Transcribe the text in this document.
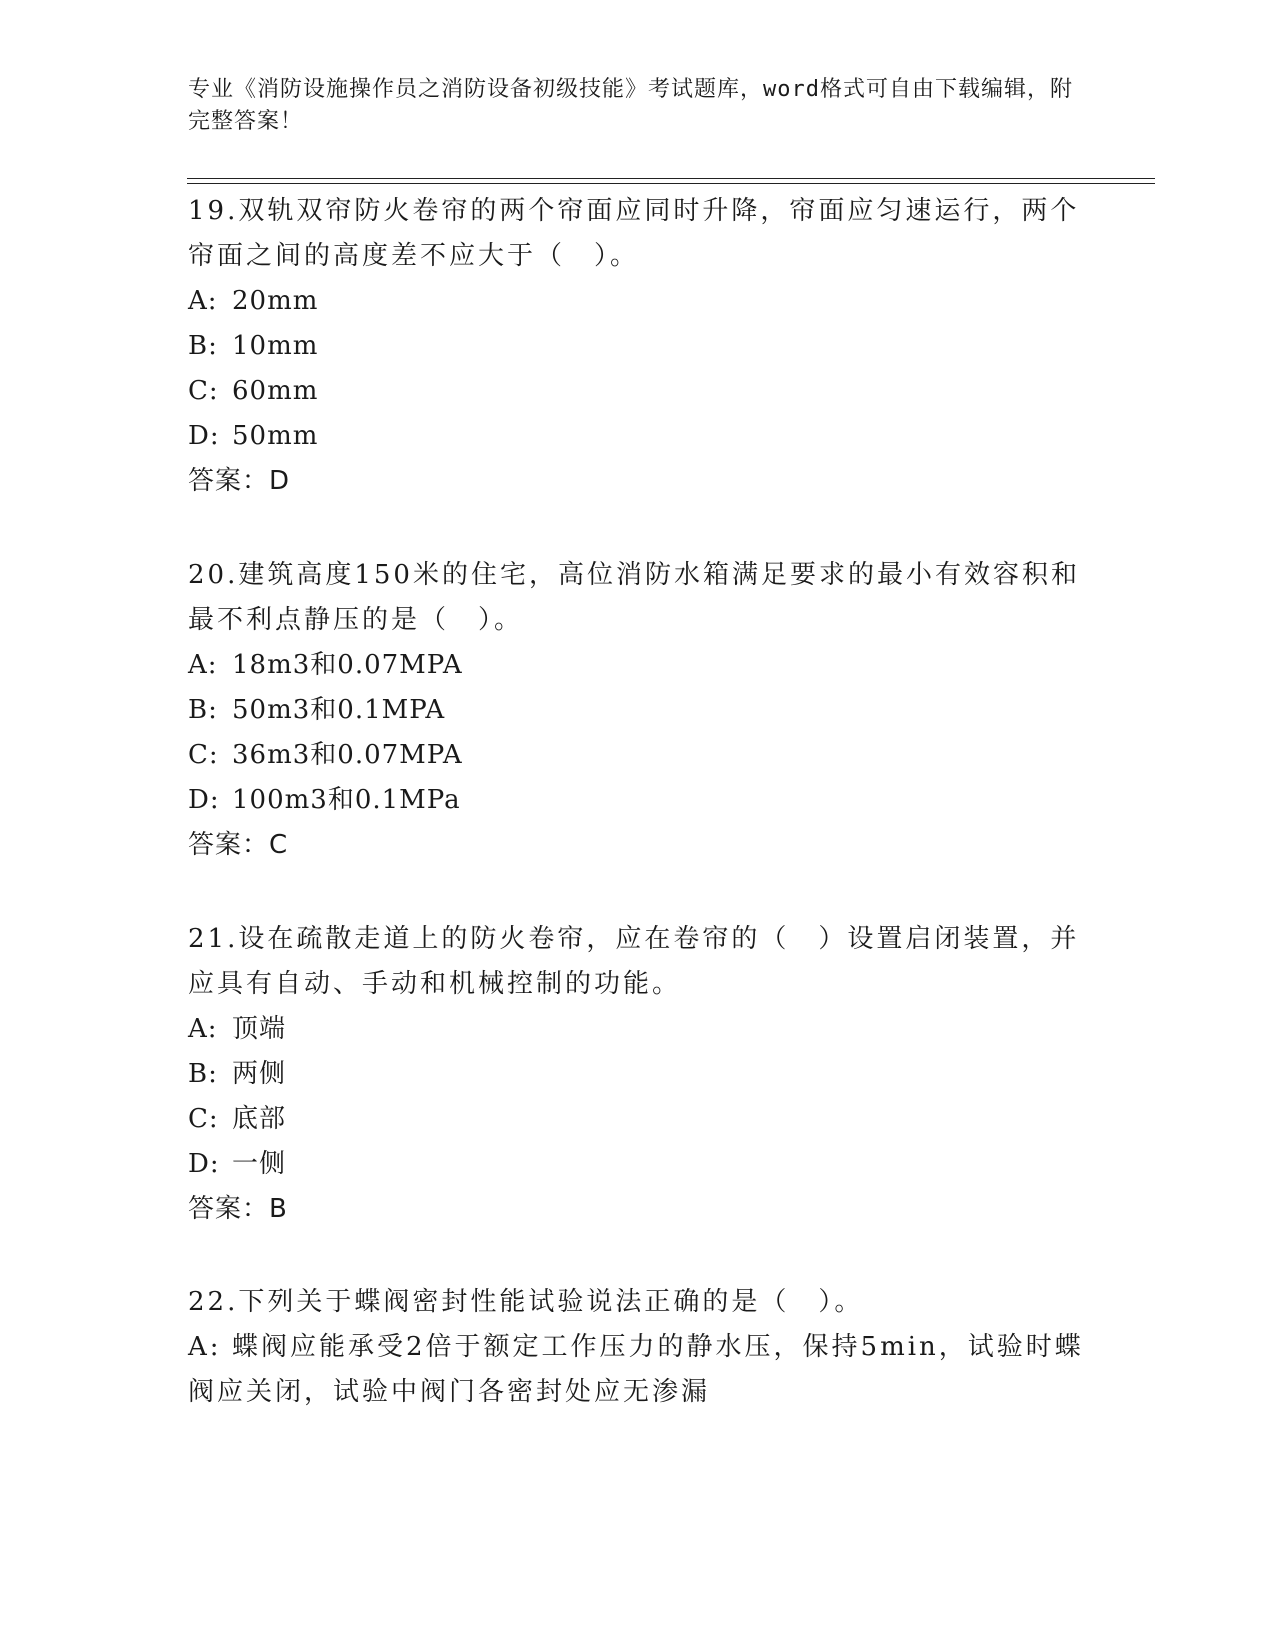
专业《消防设施操作员之消防设备初级技能》考试题库，word格式可自由下载编辑，附完整答案！

19.双轨双帘防火卷帘的两个帘面应同时升降，帘面应匀速运行，两个帘面之间的高度差不应大于（　）。

A: 20mm

B: 10mm

C: 60mm

D: 50mm

答案：D

20.建筑高度150米的住宅，高位消防水箱满足要求的最小有效容积和最不利点静压的是（　）。

A: 18m3和0.07MPA

B: 50m3和0.1MPA

C: 36m3和0.07MPA

D: 100m3和0.1MPa

答案：C

21.设在疏散走道上的防火卷帘，应在卷帘的（　）设置启闭装置，并应具有自动、手动和机械控制的功能。

A: 顶端

B: 两侧

C: 底部

D: 一侧

答案：B

22.下列关于蝶阀密封性能试验说法正确的是（　）。

A: 蝶阀应能承受2倍于额定工作压力的静水压，保持5min，试验时蝶阀应关闭，试验中阀门各密封处应无渗漏
